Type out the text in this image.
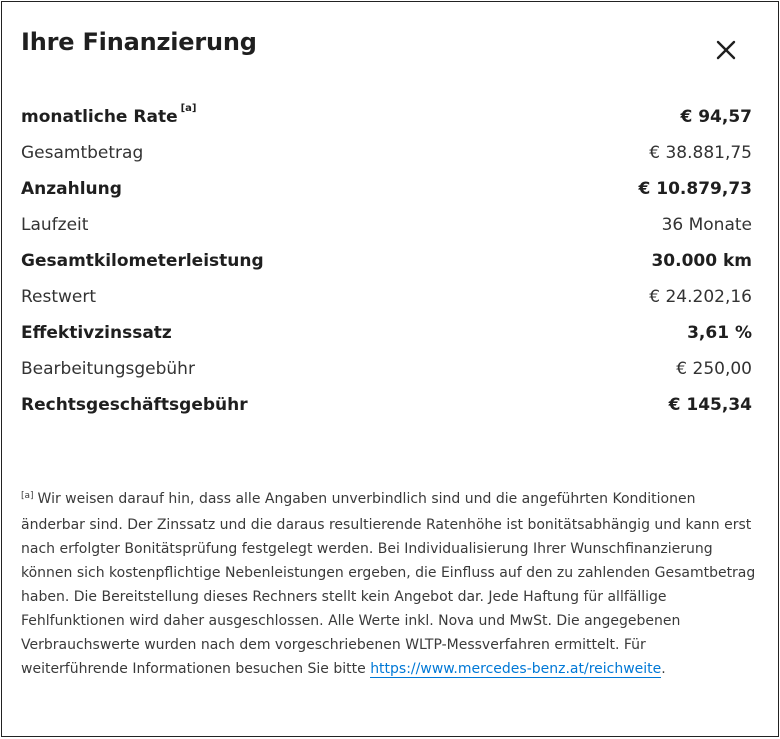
Ihre Finanzierung
monatliche Rate [a]	€ 94,57
Gesamtbetrag	€ 38.881,75
Anzahlung	€ 10.879,73
Laufzeit	36 Monate
Gesamtkilometerleistung	30.000 km
Restwert	€ 24.202,16
Effektivzinssatz	3,61 %
Bearbeitungsgebühr	€ 250,00
Rechtsgeschäftsgebühr	€ 145,34
[a] Wir weisen darauf hin, dass alle Angaben unverbindlich sind und die angeführten Konditionen änderbar sind. Der Zinssatz und die daraus resultierende Ratenhöhe ist bonitätsabhängig und kann erst nach erfolgter Bonitätsprüfung festgelegt werden. Bei Individualisierung Ihrer Wunschfinanzierung können sich kostenpflichtige Nebenleistungen ergeben, die Einfluss auf den zu zahlenden Gesamtbetrag haben. Die Bereitstellung dieses Rechners stellt kein Angebot dar. Jede Haftung für allfällige Fehlfunktionen wird daher ausgeschlossen. Alle Werte inkl. Nova und MwSt. Die angegebenen Verbrauchswerte wurden nach dem vorgeschriebenen WLTP-Messverfahren ermittelt. Für weiterführende Informationen besuchen Sie bitte https://www.mercedes-benz.at/reichweite.
